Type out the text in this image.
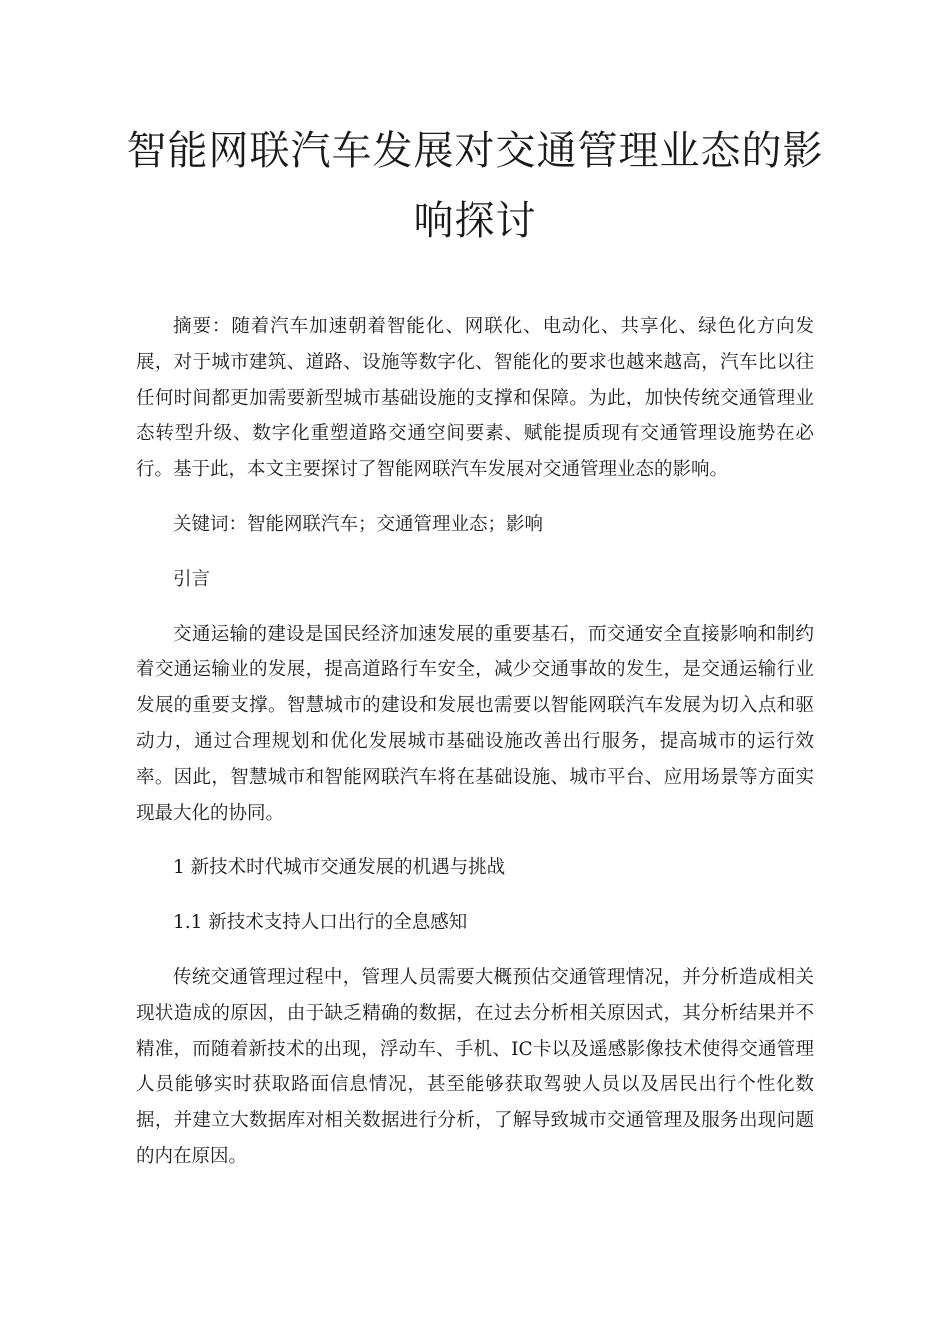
智能网联汽车发展对交通管理业态的影
响探讨

摘要：随着汽车加速朝着智能化、网联化、电动化、共享化、绿色化方向发展，对于城市建筑、道路、设施等数字化、智能化的要求也越来越高，汽车比以往任何时间都更加需要新型城市基础设施的支撑和保障。为此，加快传统交通管理业态转型升级、数字化重塑道路交通空间要素、赋能提质现有交通管理设施势在必行。基于此，本文主要探讨了智能网联汽车发展对交通管理业态的影响。

关键词：智能网联汽车；交通管理业态；影响

引言

交通运输的建设是国民经济加速发展的重要基石，而交通安全直接影响和制约着交通运输业的发展，提高道路行车安全，减少交通事故的发生，是交通运输行业发展的重要支撑。智慧城市的建设和发展也需要以智能网联汽车发展为切入点和驱动力，通过合理规划和优化发展城市基础设施改善出行服务，提高城市的运行效率。因此，智慧城市和智能网联汽车将在基础设施、城市平台、应用场景等方面实现最大化的协同。

1 新技术时代城市交通发展的机遇与挑战

1.1 新技术支持人口出行的全息感知

传统交通管理过程中，管理人员需要大概预估交通管理情况，并分析造成相关现状造成的原因，由于缺乏精确的数据，在过去分析相关原因式，其分析结果并不精准，而随着新技术的出现，浮动车、手机、IC卡以及遥感影像技术使得交通管理人员能够实时获取路面信息情况，甚至能够获取驾驶人员以及居民出行个性化数据，并建立大数据库对相关数据进行分析，了解导致城市交通管理及服务出现问题的内在原因。
